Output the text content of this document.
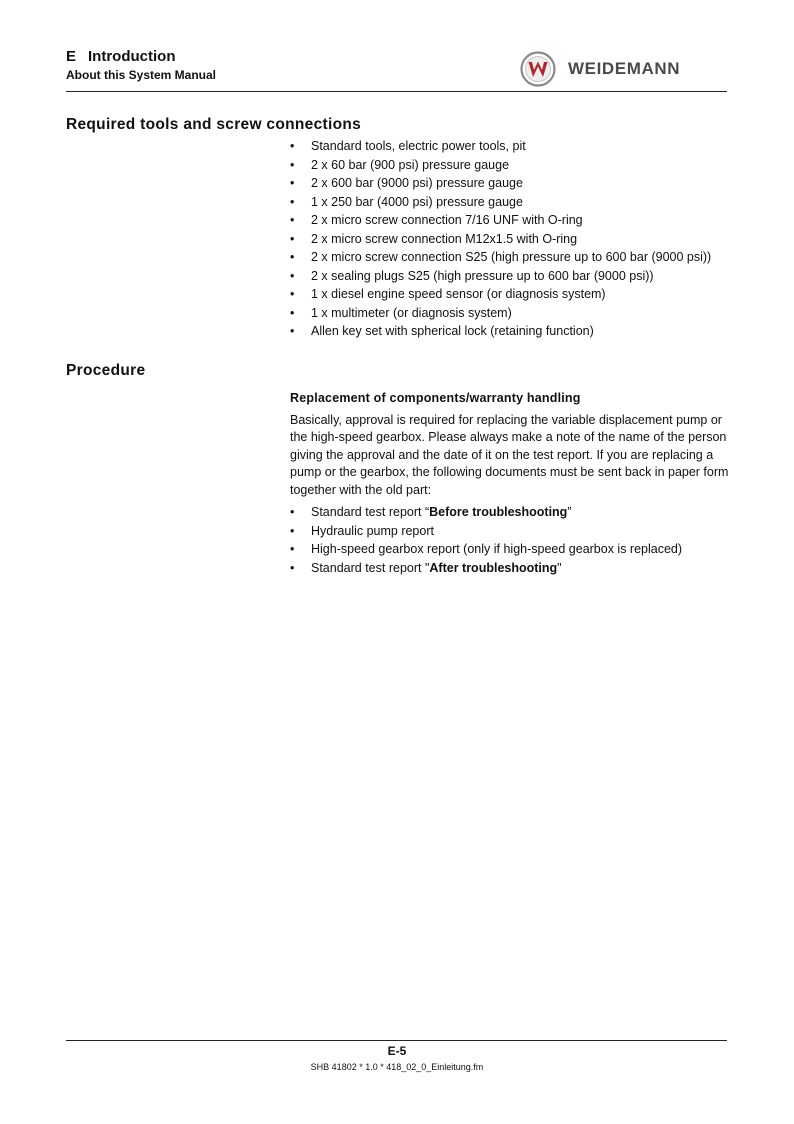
E Introduction
About this System Manual	WEIDEMANN
Required tools and screw connections
• Standard tools, electric power tools, pit
• 2 x 60 bar (900 psi) pressure gauge
• 2 x 600 bar (9000 psi) pressure gauge
• 1 x 250 bar (4000 psi) pressure gauge
• 2 x micro screw connection 7/16 UNF with O-ring
• 2 x micro screw connection M12x1.5 with O-ring
• 2 x micro screw connection S25 (high pressure up to 600 bar (9000 psi))
• 2 x sealing plugs S25 (high pressure up to 600 bar (9000 psi))
• 1 x diesel engine speed sensor (or diagnosis system)
• 1 x multimeter (or diagnosis system)
• Allen key set with spherical lock (retaining function)
Procedure
Replacement of components/warranty handling

Basically, approval is required for replacing the variable displacement pump or the high-speed gearbox. Please always make a note of the name of the person giving the approval and the date of it on the test report. If you are replacing a pump or the gearbox, the following documents must be sent back in paper form together with the old part:

• Standard test report “Before troubleshooting”
• Hydraulic pump report
• High-speed gearbox report (only if high-speed gearbox is replaced)
• Standard test report "After troubleshooting"
E-5
SHB 41802 * 1.0 * 418_02_0_Einleitung.fm
